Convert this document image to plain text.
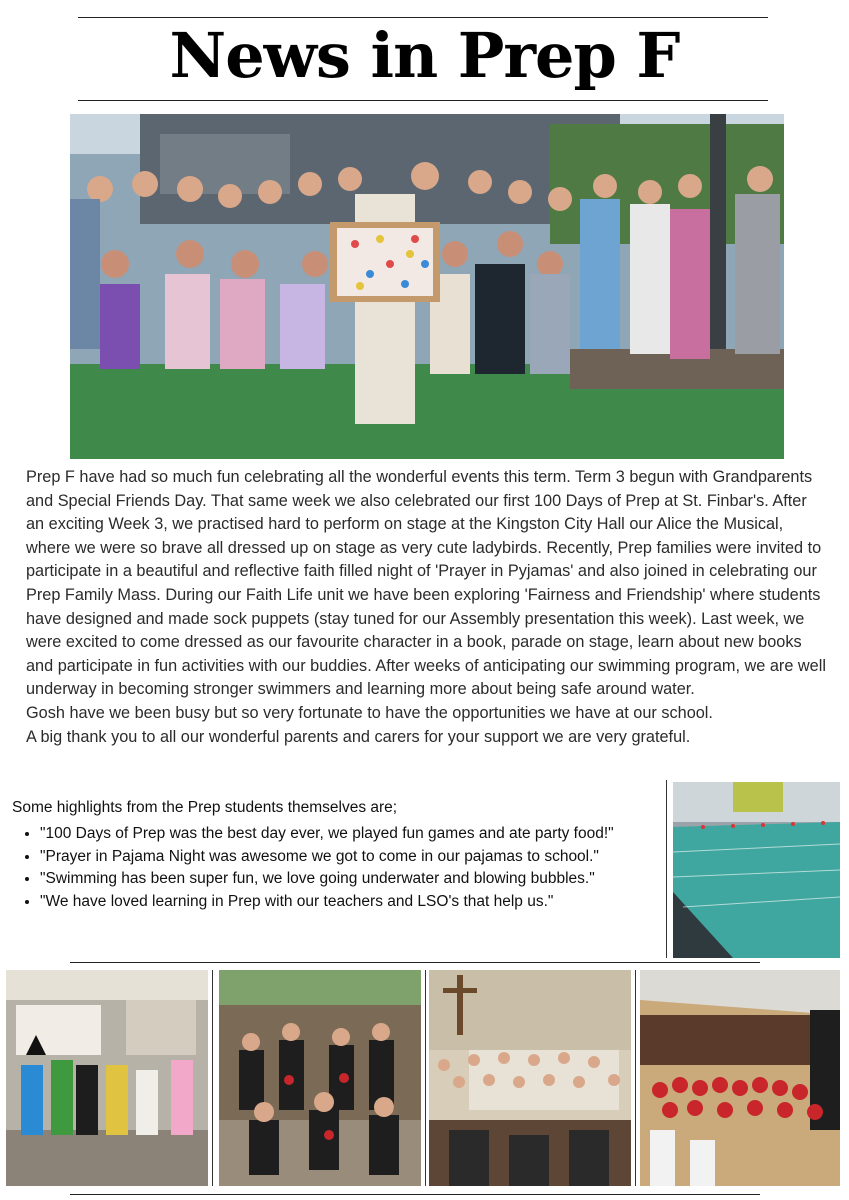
News in Prep F

Prep F have had so much fun celebrating all the wonderful events this term. Term 3 begun with Grandparents and Special Friends Day. That same week we also celebrated our first 100 Days of Prep at St. Finbar's. After an exciting Week 3, we practised hard to perform on stage at the Kingston City Hall our Alice the Musical, where we were so brave all dressed up on stage as very cute ladybirds. Recently, Prep families were invited to participate in a beautiful and reflective faith filled night of 'Prayer in Pyjamas' and also joined in celebrating our Prep Family Mass. During our Faith Life unit we have been exploring 'Fairness and Friendship' where students have designed and made sock puppets (stay tuned for our Assembly presentation this week). Last week, we were excited to come dressed as our favourite character in a book, parade on stage, learn about new books and participate in fun activities with our buddies. After weeks of anticipating our swimming program, we are well underway in becoming stronger swimmers and learning more about being safe around water.

Gosh have we been busy but so very fortunate to have the opportunities we have at our school.

A big thank you to all our wonderful parents and carers for your support we are very grateful.

Some highlights from the Prep students themselves are;

• "100 Days of Prep was the best day ever, we played fun games and ate party food!"
• "Prayer in Pajama Night was awesome we got to come in our pajamas to school."
• "Swimming has been super fun, we love going underwater and blowing bubbles."
• "We have loved learning in Prep with our teachers and LSO's that help us."
